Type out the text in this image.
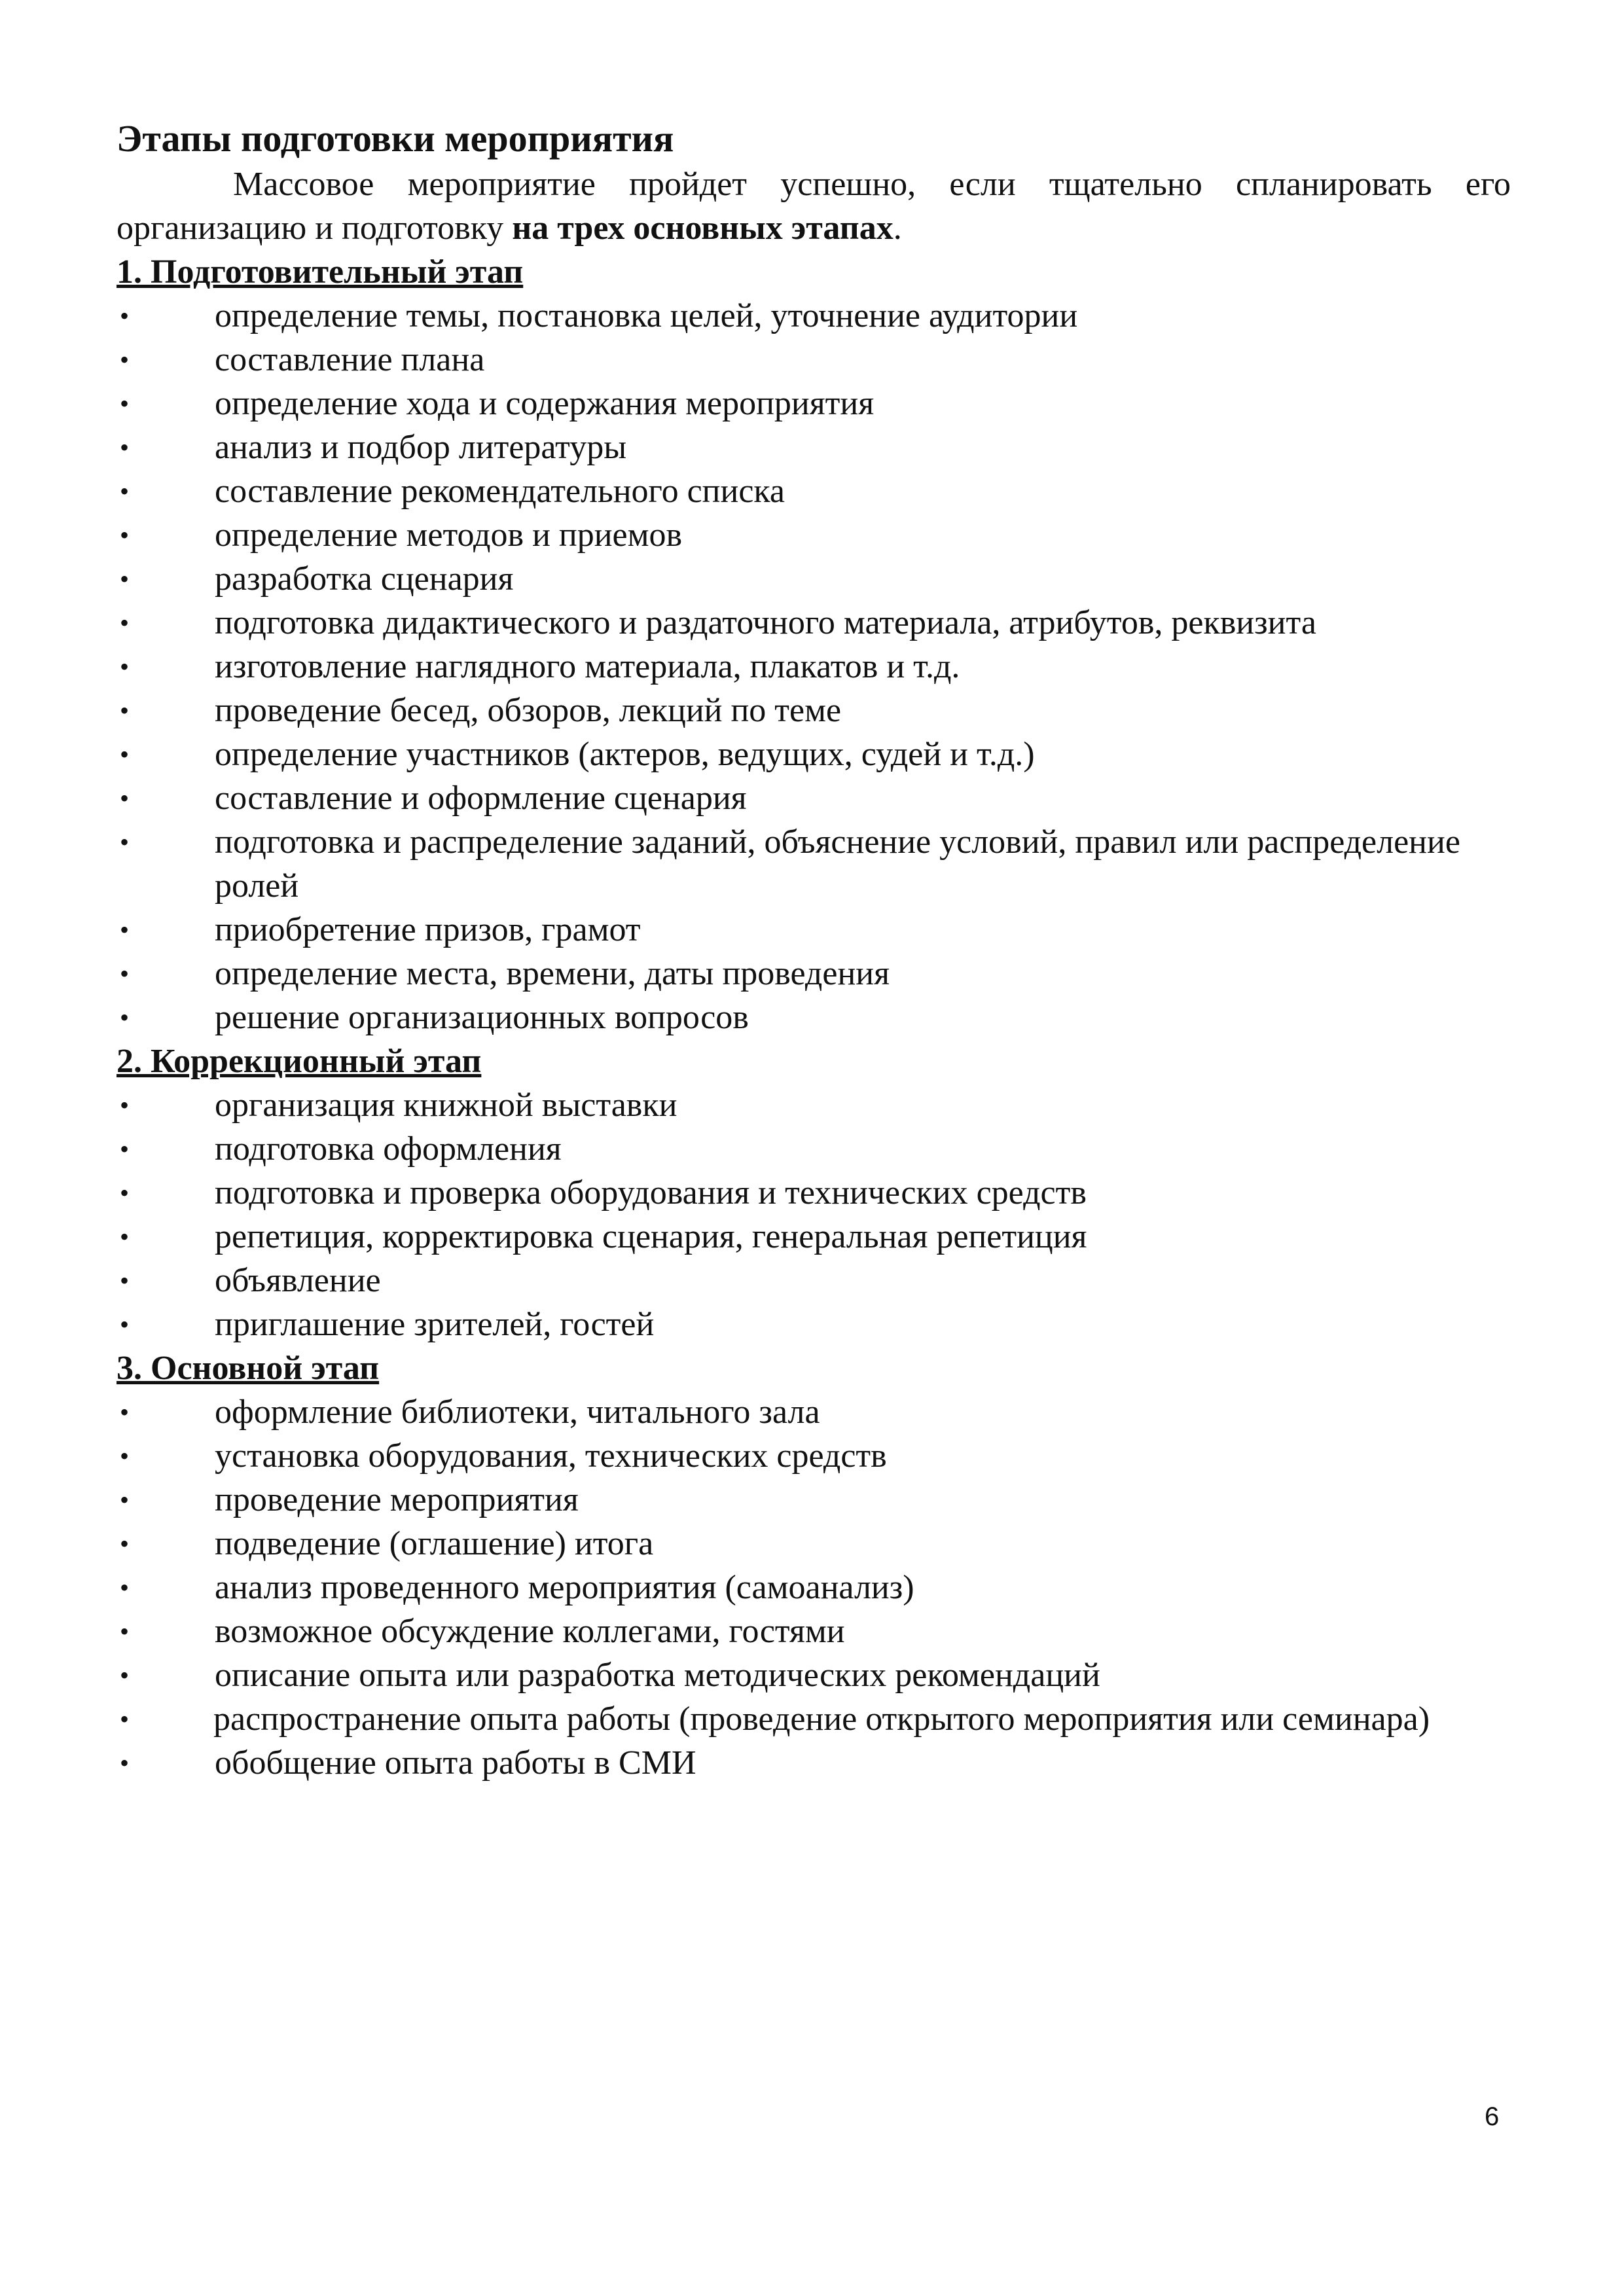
Этапы подготовки мероприятия

Массовое мероприятие пройдет успешно, если тщательно спланировать его организацию и подготовку на трех основных этапах.

1. Подготовительный этап
•	определение темы, постановка целей, уточнение аудитории
•	составление плана
•	определение хода и содержания мероприятия
•	анализ и подбор литературы
•	составление рекомендательного списка
•	определение методов и приемов
•	разработка сценария
•	подготовка дидактического и раздаточного материала, атрибутов, реквизита
•	изготовление наглядного материала, плакатов и т.д.
•	проведение бесед, обзоров, лекций по теме
•	определение участников (актеров, ведущих, судей и т.д.)
•	составление и оформление сценария
•	подготовка и распределение заданий, объяснение условий, правил или распределение ролей
•	приобретение призов, грамот
•	определение места, времени, даты проведения
•	решение организационных вопросов
2. Коррекционный этап
•	организация книжной выставки
•	подготовка оформления
•	подготовка и проверка оборудования и технических средств
•	репетиция, корректировка сценария, генеральная репетиция
•	объявление
•	приглашение зрителей, гостей
3. Основной этап
•	оформление библиотеки, читального зала
•	установка оборудования, технических средств
•	проведение мероприятия
•	подведение (оглашение) итога
•	анализ проведенного мероприятия (самоанализ)
•	возможное обсуждение коллегами, гостями
•	описание опыта или разработка методических рекомендаций
• распространение опыта работы (проведение открытого мероприятия или семинара)
•	обобщение опыта работы в СМИ
6
